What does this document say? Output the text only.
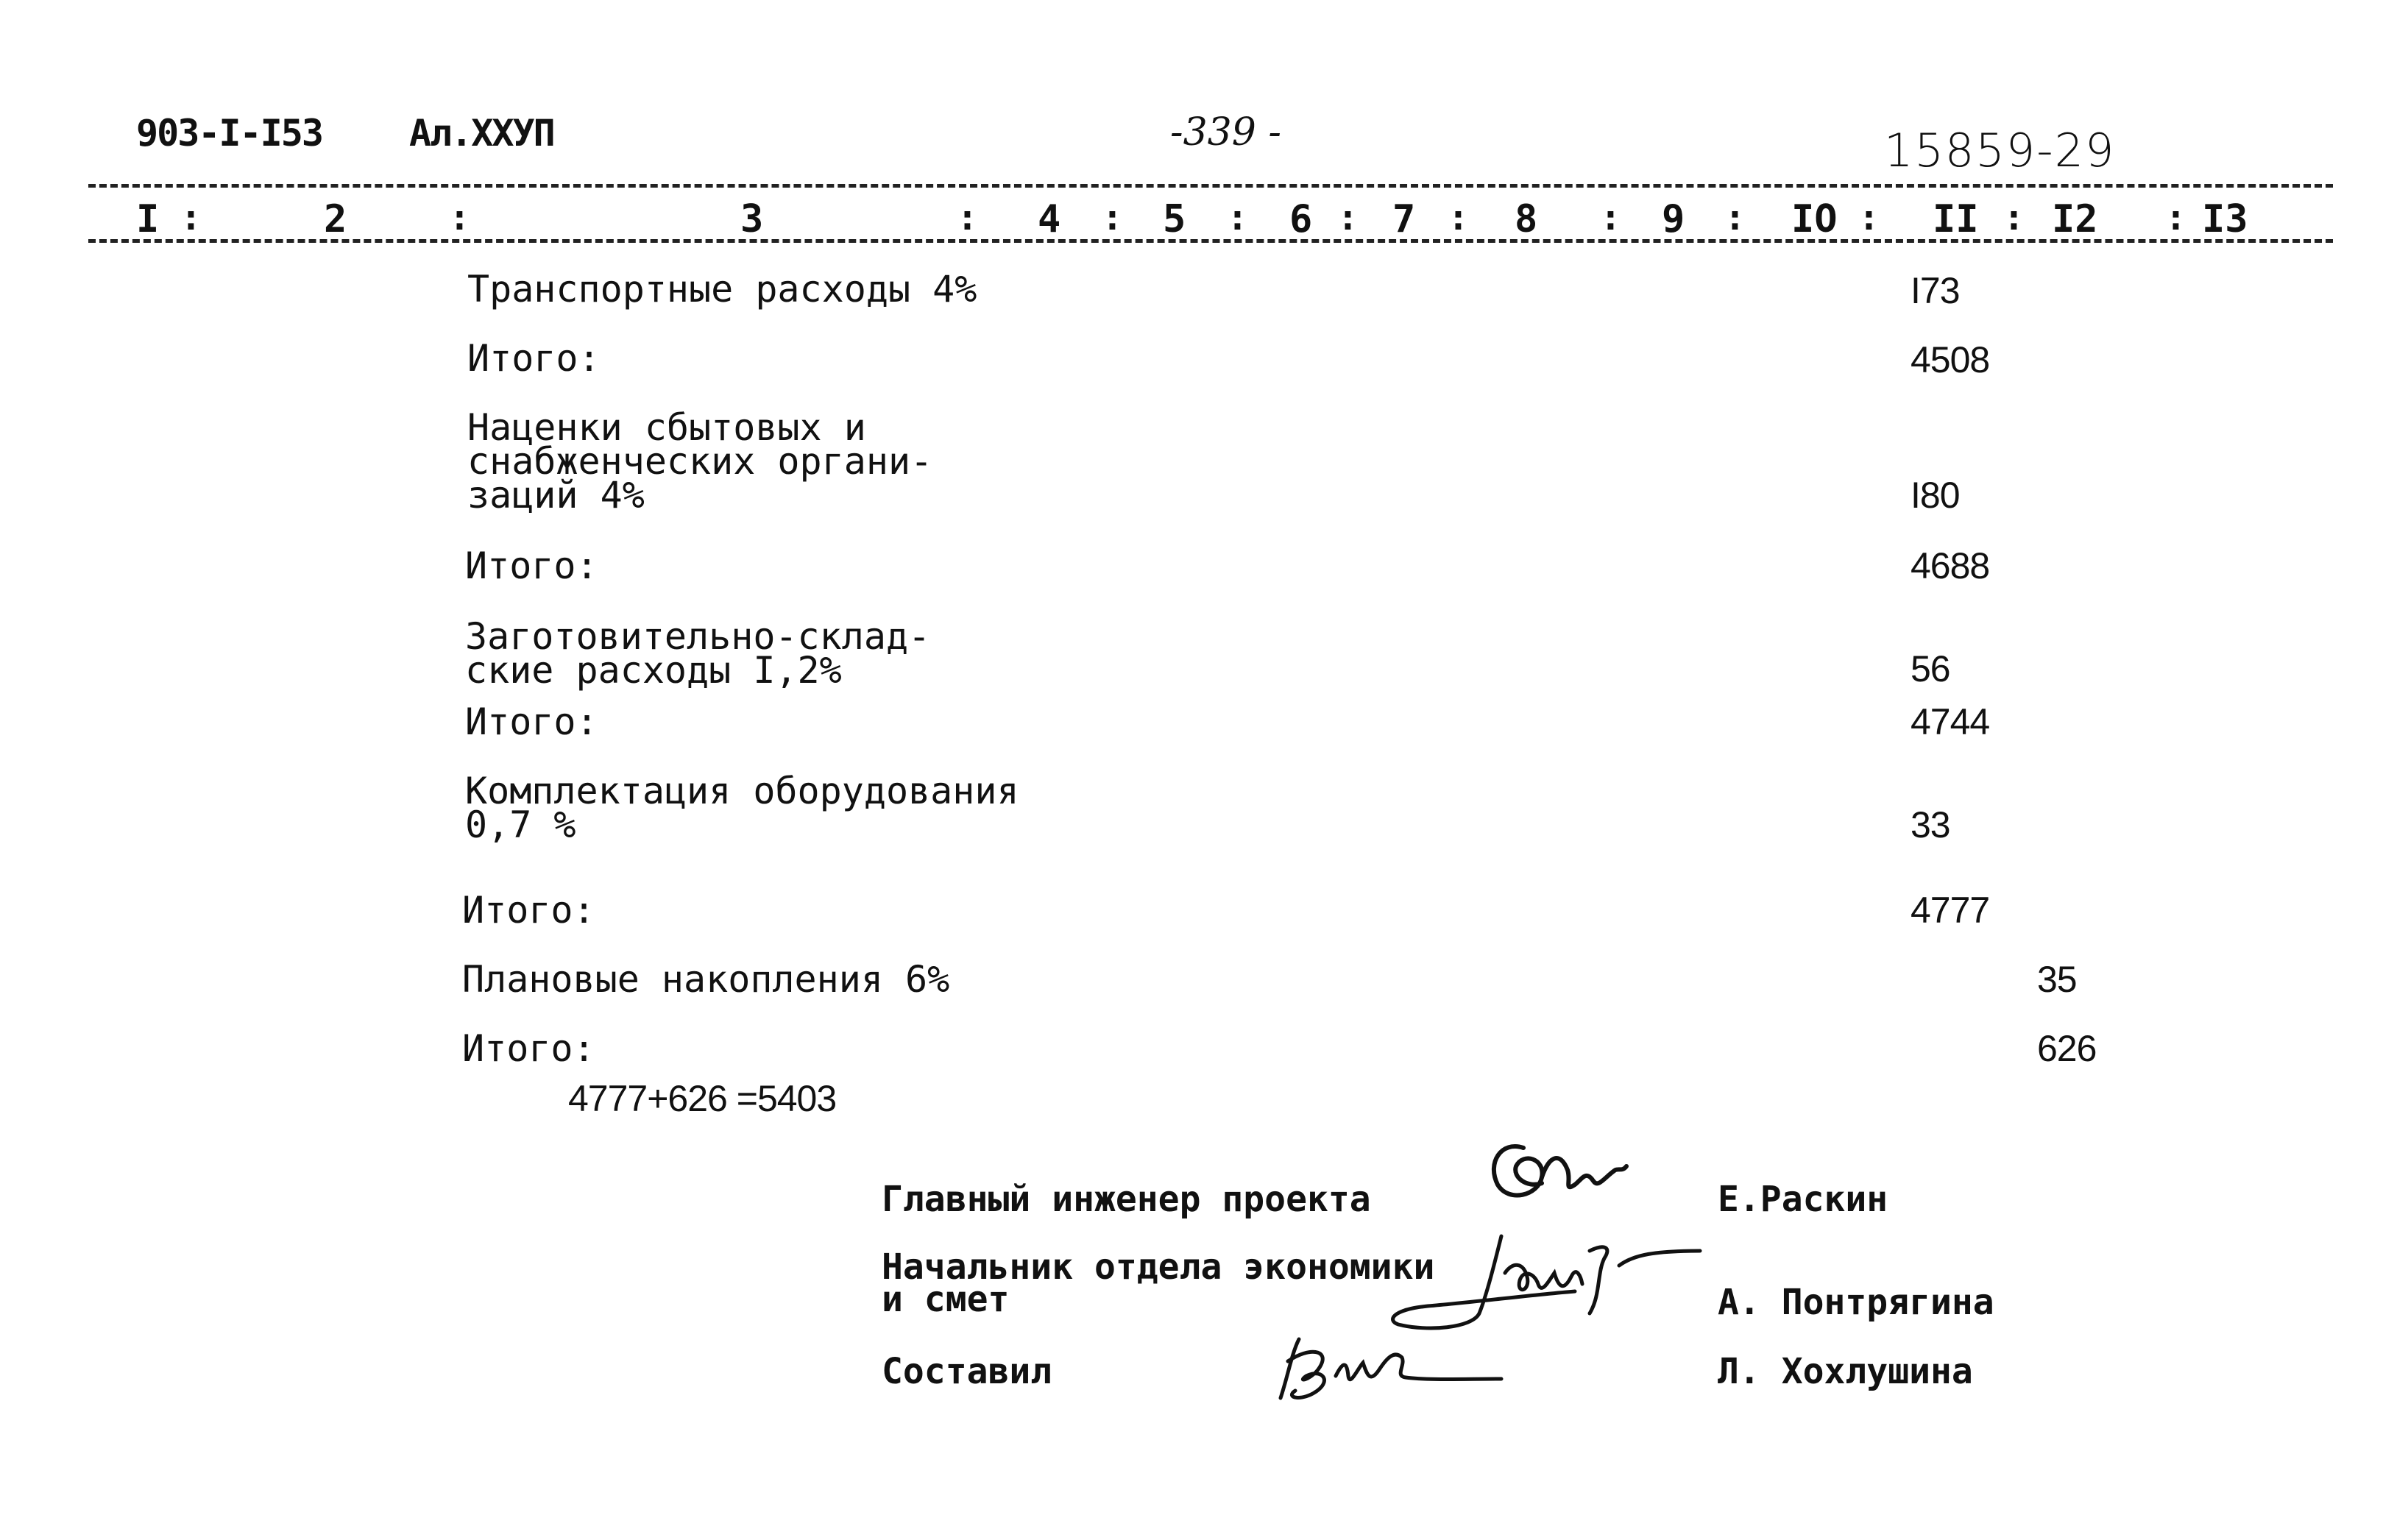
903-I-I53 Ал.ХХУП	-339 -	15859-29
I :	2	:	3	: 4 : 5 : 6 : 7 : 8 : 9 : IO : II : I2 : I3
Транспортные расходы 4%	I73
Итого:	4508
Наценки сбытовых и
снабженческих органи-
заций 4%	I80
Итого:	4688
Заготовительно-склад-
ские расходы I,2%	56
Итого:	4744
Комплектация оборудования
0,7 %	33
Итого:	4777
Плановые накопления 6%	35
Итого:	626
4777+626 =5403
Главный инженер проекта	Е.Раскин
Начальник отдела экономики
и смет	А. Понтрягина
Составил	Л. Хохлушина
